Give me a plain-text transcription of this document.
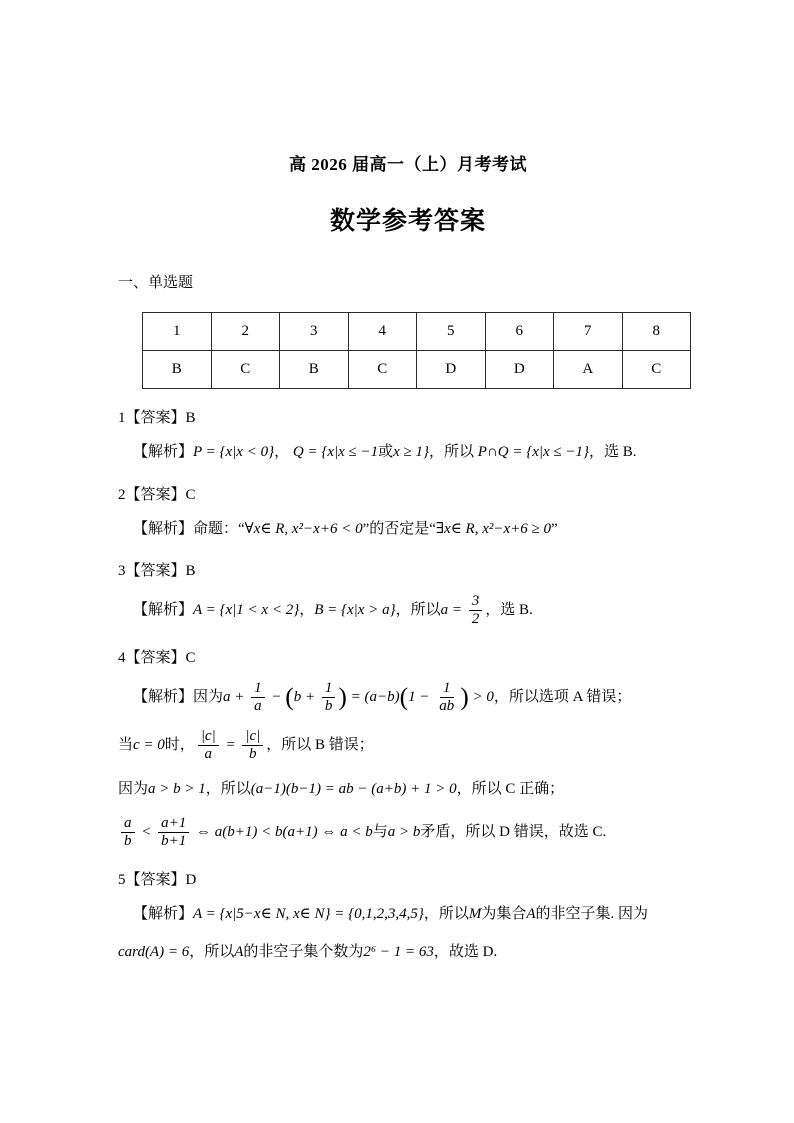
高 2026 届高一（上）月考考试
数学参考答案
一、单选题
1	2	3	4	5	6	7	8
B	C	B	C	D	D	A	C
1【答案】B
【解析】P = {x|x < 0}， Q = {x|x ≤ −1或x ≥ 1}，所以 P∩Q = {x|x ≤ −1}，选 B.
2【答案】C
【解析】命题：“∀x∈ R, x²−x+6 < 0”的否定是“∃x∈ R, x²−x+6 ≥ 0”
3【答案】B
【解析】A = {x|1 < x < 2}，B = {x|x > a}，所以$a = \frac{3}{2}$ ，选 B.
4【答案】C
【解析】因为$a + \frac{1}{a} - (b + \frac{1}{b}$ ) = $(a-b)(1 - \frac{1}{ab}$ ) > 0，所以选项 A 错误；
当c = 0时， $\frac{|c|}{a} = \frac{|c|}{b}$ ，所以 B 错误；
因为a > b > 1，所以(a−1)(b−1) = ab − (a+b) + 1 > 0，所以 C 正确；
$\frac{a}{b} < \frac{a+1}{b+1}$ ⇔ a(b+1) < b(a+1) ⇔ a < b与a > b矛盾，所以 D 错误，故选 C.
5【答案】D
【解析】A = {x|5−x∈ N, x∈ N} = {0,1,2,3,4,5}，所以M为集合A的非空子集. 因为
card(A) = 6，所以A的非空子集个数为2⁶ − 1 = 63，故选 D.
